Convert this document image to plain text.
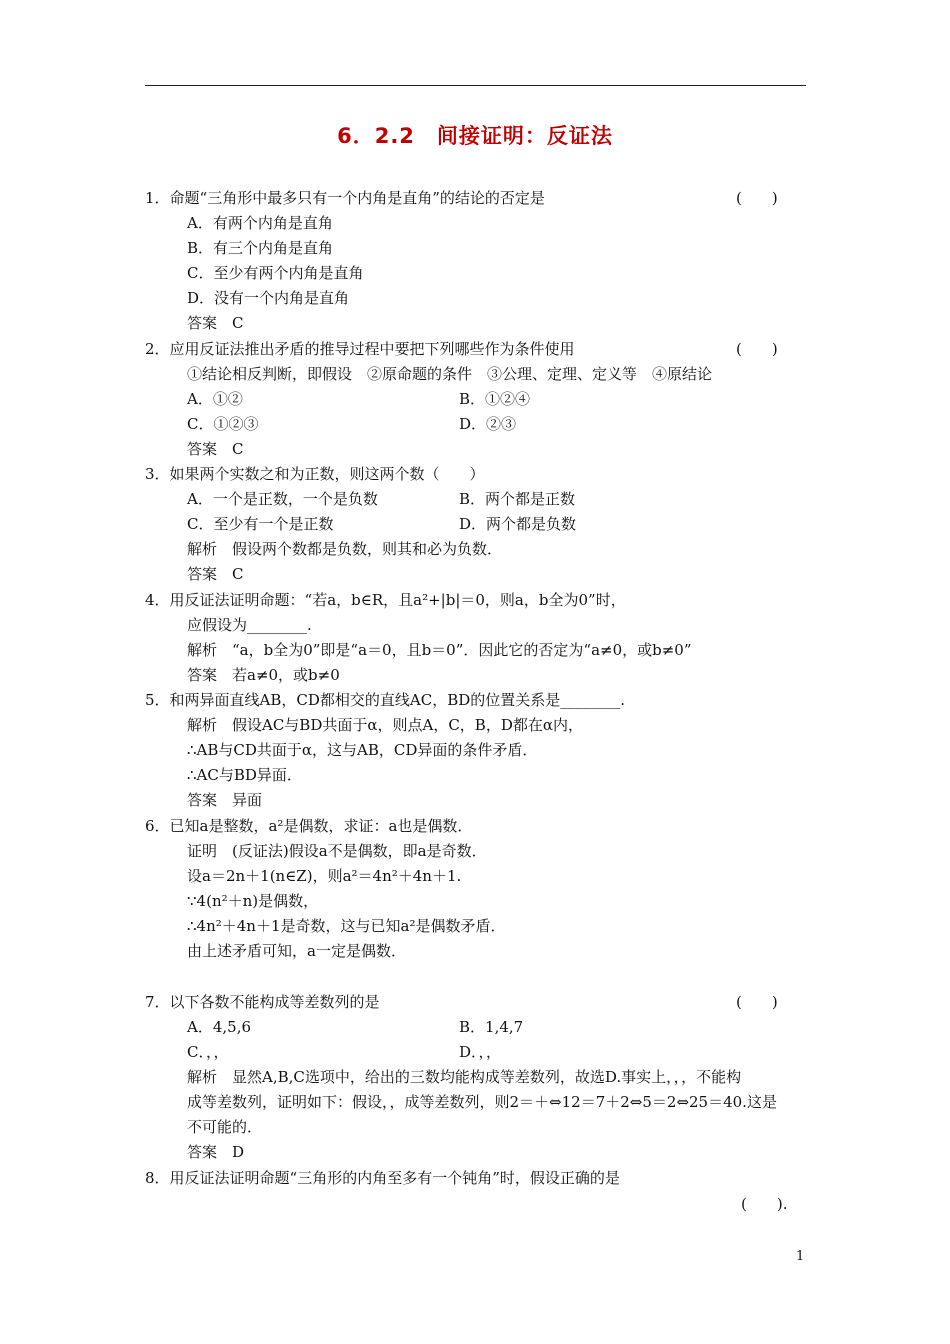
6．2.2　间接证明：反证法
1．命题“三角形中最多只有一个内角是直角”的结论的否定是	(　　)
A．有两个内角是直角
B．有三个内角是直角
C．至少有两个内角是直角
D．没有一个内角是直角
答案　C
2．应用反证法推出矛盾的推导过程中要把下列哪些作为条件使用	(　　)
①结论相反判断，即假设　②原命题的条件　③公理、定理、定义等　④原结论
A．①②	B．①②④
C．①②③	D．②③
答案　C
3．如果两个实数之和为正数，则这两个数（　　）
A．一个是正数，一个是负数	B．两个都是正数
C．至少有一个是正数	D．两个都是负数
解析　假设两个数都是负数，则其和必为负数．
答案　C
4．用反证法证明命题：“若a，b∈R，且a²+|b|＝0，则a，b全为0”时，
应假设为________.
解析　“a，b全为0”即是“a＝0，且b＝0”．因此它的否定为“a≠0，或b≠0”
答案　若a≠0，或b≠0
5．和两异面直线AB，CD都相交的直线AC，BD的位置关系是________.
解析　假设AC与BD共面于α，则点A，C，B，D都在α内，
∴AB与CD共面于α，这与AB，CD异面的条件矛盾．
∴AC与BD异面．
答案　异面
6．已知a是整数，a²是偶数，求证：a也是偶数．
证明　(反证法)假设a不是偶数，即a是奇数．
设a＝2n＋1(n∈Z)，则a²＝4n²＋4n＋1.
∵4(n²＋n)是偶数，
∴4n²＋4n＋1是奇数，这与已知a²是偶数矛盾．
由上述矛盾可知，a一定是偶数．
7．以下各数不能构成等差数列的是	(　　)
A．4,5,6	B．1,4,7
C．，，	D．，，
解析　显然A,B,C选项中，给出的三数均能构成等差数列，故选D.事实上，，，不能构
成等差数列，证明如下：假设，，成等差数列，则2＝＋⇔12＝7＋2⇔5＝2⇔25＝40.这是
不可能的．
答案　D
8．用反证法证明命题“三角形的内角至多有一个钝角”时，假设正确的是
(　　).
1
